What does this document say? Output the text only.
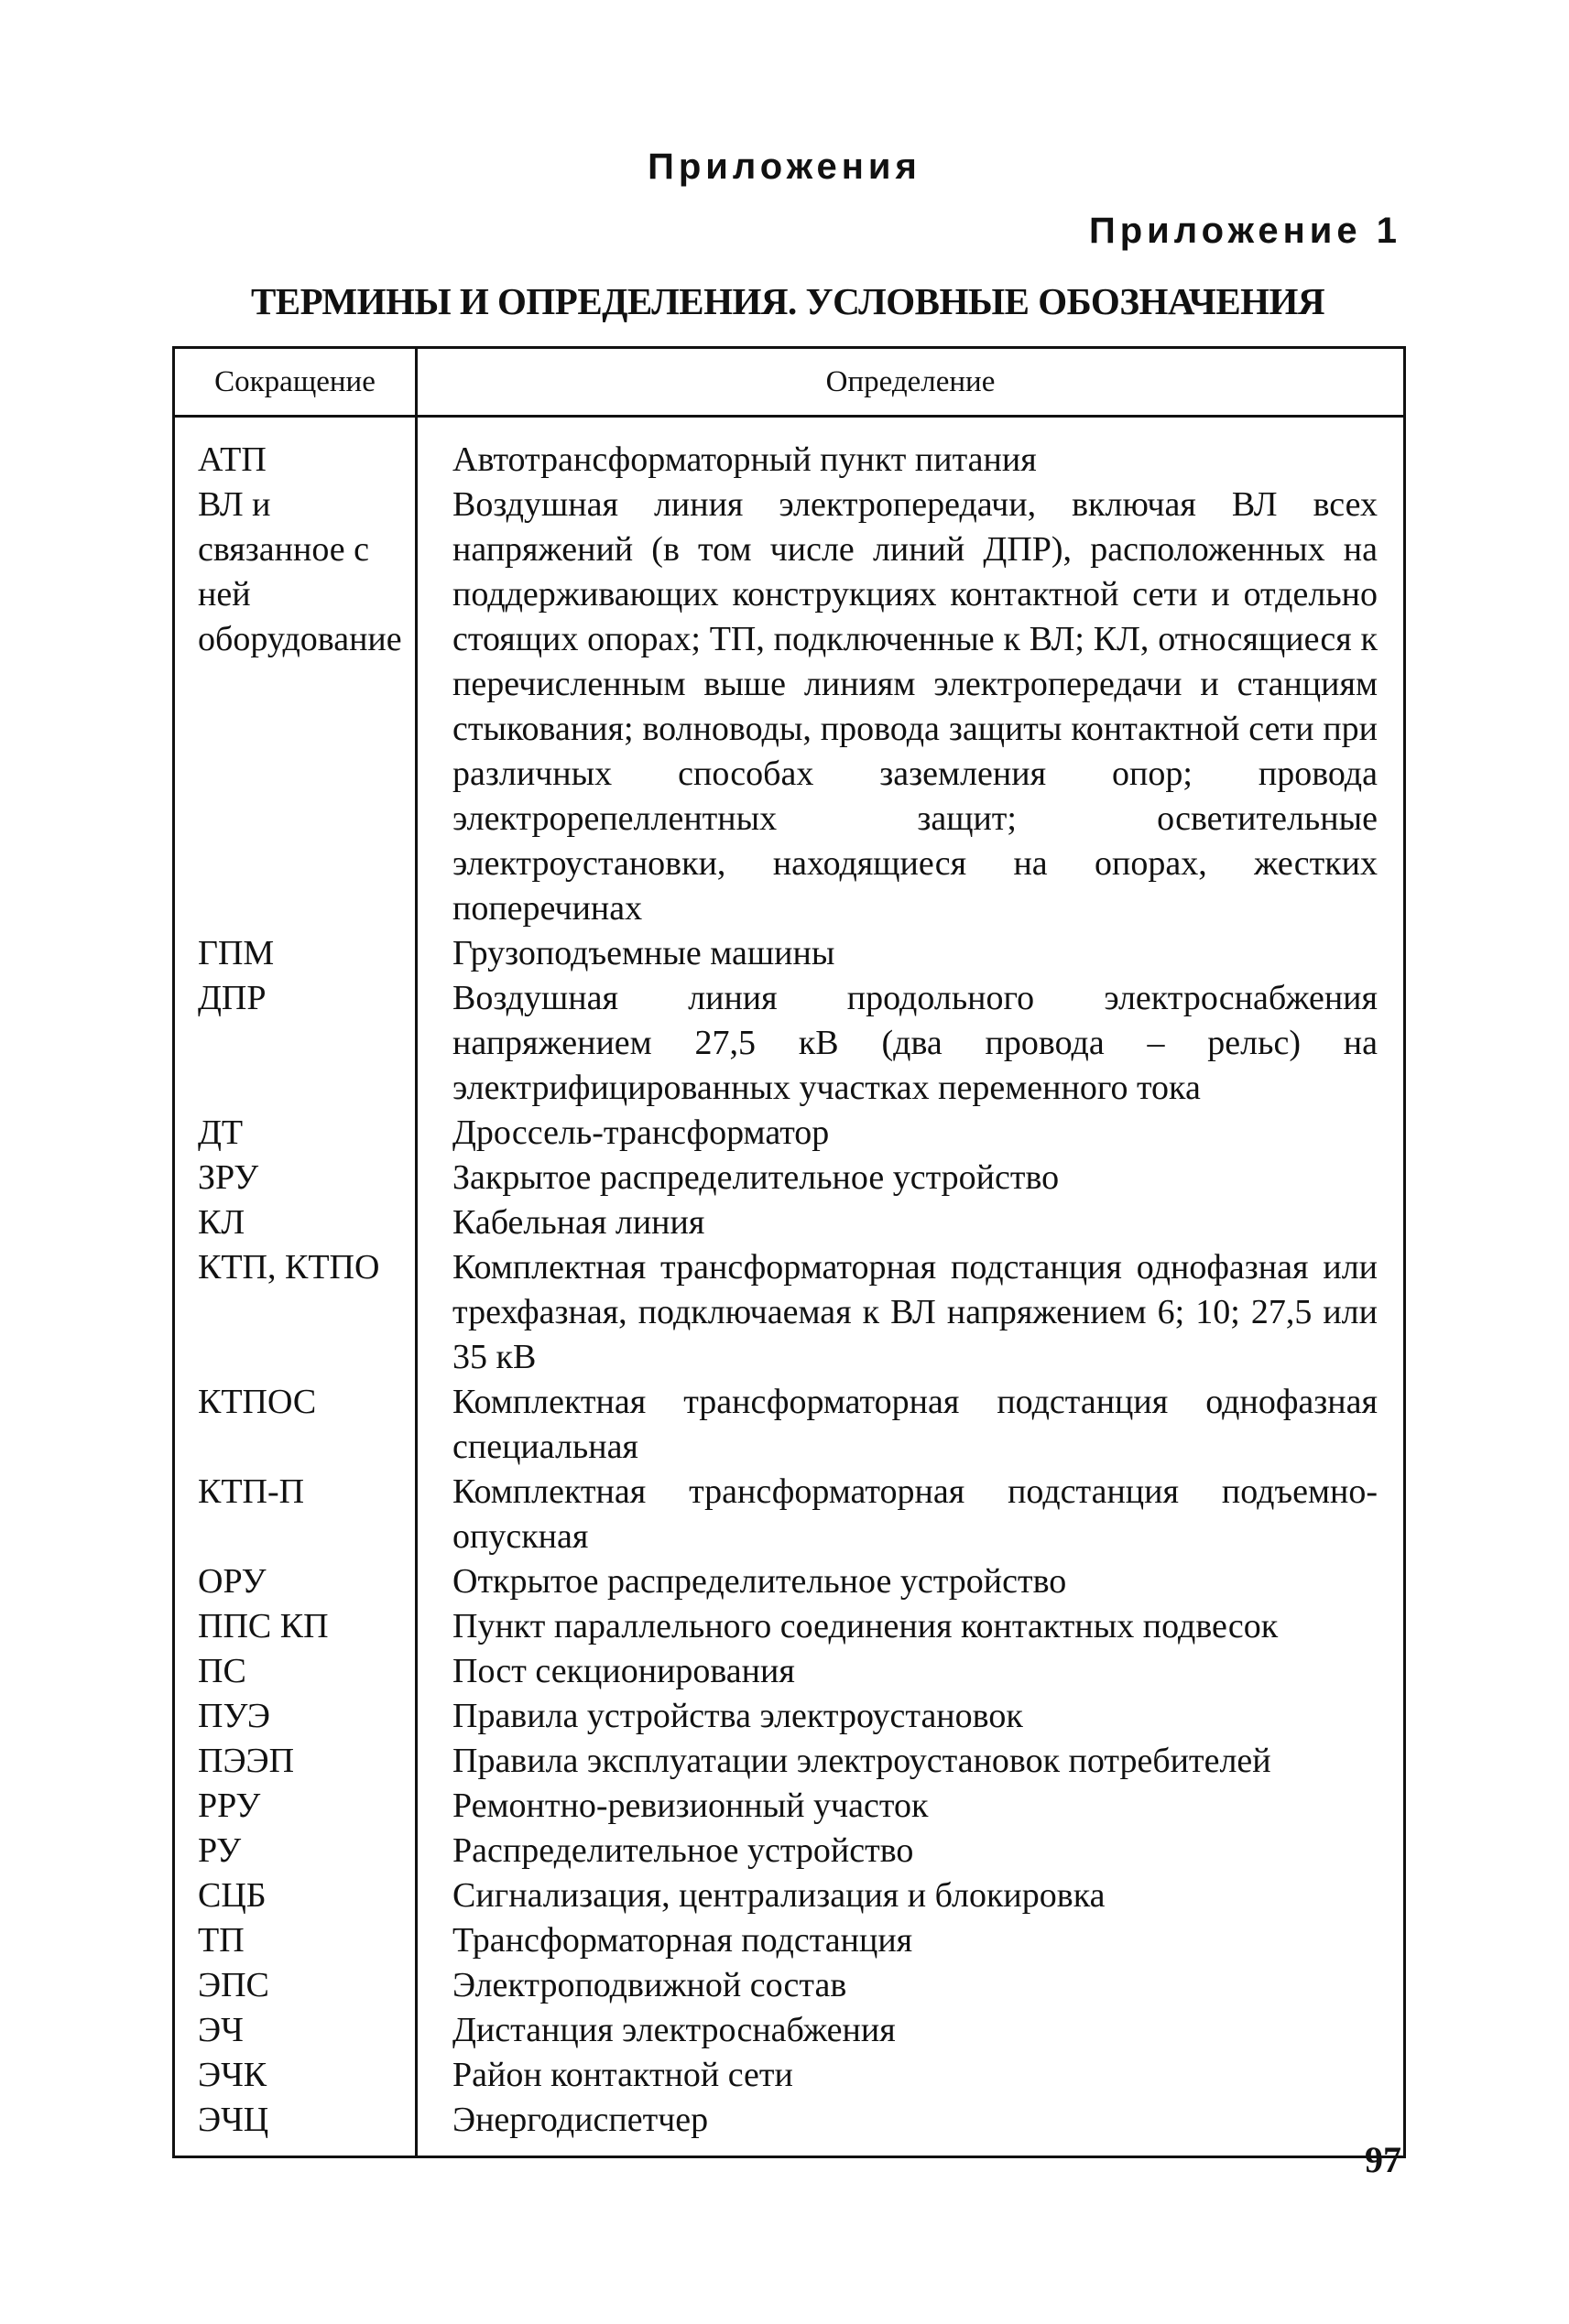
Приложения
Приложение 1
ТЕРМИНЫ И ОПРЕДЕЛЕНИЯ. УСЛОВНЫЕ ОБОЗНАЧЕНИЯ
Сокращение	Определение
АТП	Автотрансформаторный пункт питания
ВЛ и связанное с ней оборудование	Воздушная линия электропередачи, включая ВЛ всех напряжений (в том числе линий ДПР), расположенных на поддерживающих конструкциях контактной сети и отдельно стоящих опорах; ТП, подключенные к ВЛ; КЛ, относящиеся к перечисленным выше линиям электропередачи и станциям стыкования; волноводы, провода защиты контактной сети при различных способах заземления опор; провода электрорепеллентных защит; осветительные электроустановки, находящиеся на опорах, жестких поперечинах
ГПМ	Грузоподъемные машины
ДПР	Воздушная линия продольного электроснабжения напряжением 27,5 кВ (два провода – рельс) на электрифицированных участках переменного тока
ДТ	Дроссель-трансформатор
ЗРУ	Закрытое распределительное устройство
КЛ	Кабельная линия
КТП, КТПО	Комплектная трансформаторная подстанция однофазная или трехфазная, подключаемая к ВЛ напряжением 6; 10; 27,5 или 35 кВ
КТПОС	Комплектная трансформаторная подстанция однофазная специальная
КТП-П	Комплектная трансформаторная подстанция подъемно-опускная
ОРУ	Открытое распределительное устройство
ППС КП	Пункт параллельного соединения контактных подвесок
ПС	Пост секционирования
ПУЭ	Правила устройства электроустановок
ПЭЭП	Правила эксплуатации электроустановок потребителей
РРУ	Ремонтно-ревизионный участок
РУ	Распределительное устройство
СЦБ	Сигнализация, централизация и блокировка
ТП	Трансформаторная подстанция
ЭПС	Электроподвижной состав
ЭЧ	Дистанция электроснабжения
ЭЧК	Район контактной сети
ЭЧЦ	Энергодиспетчер
97
